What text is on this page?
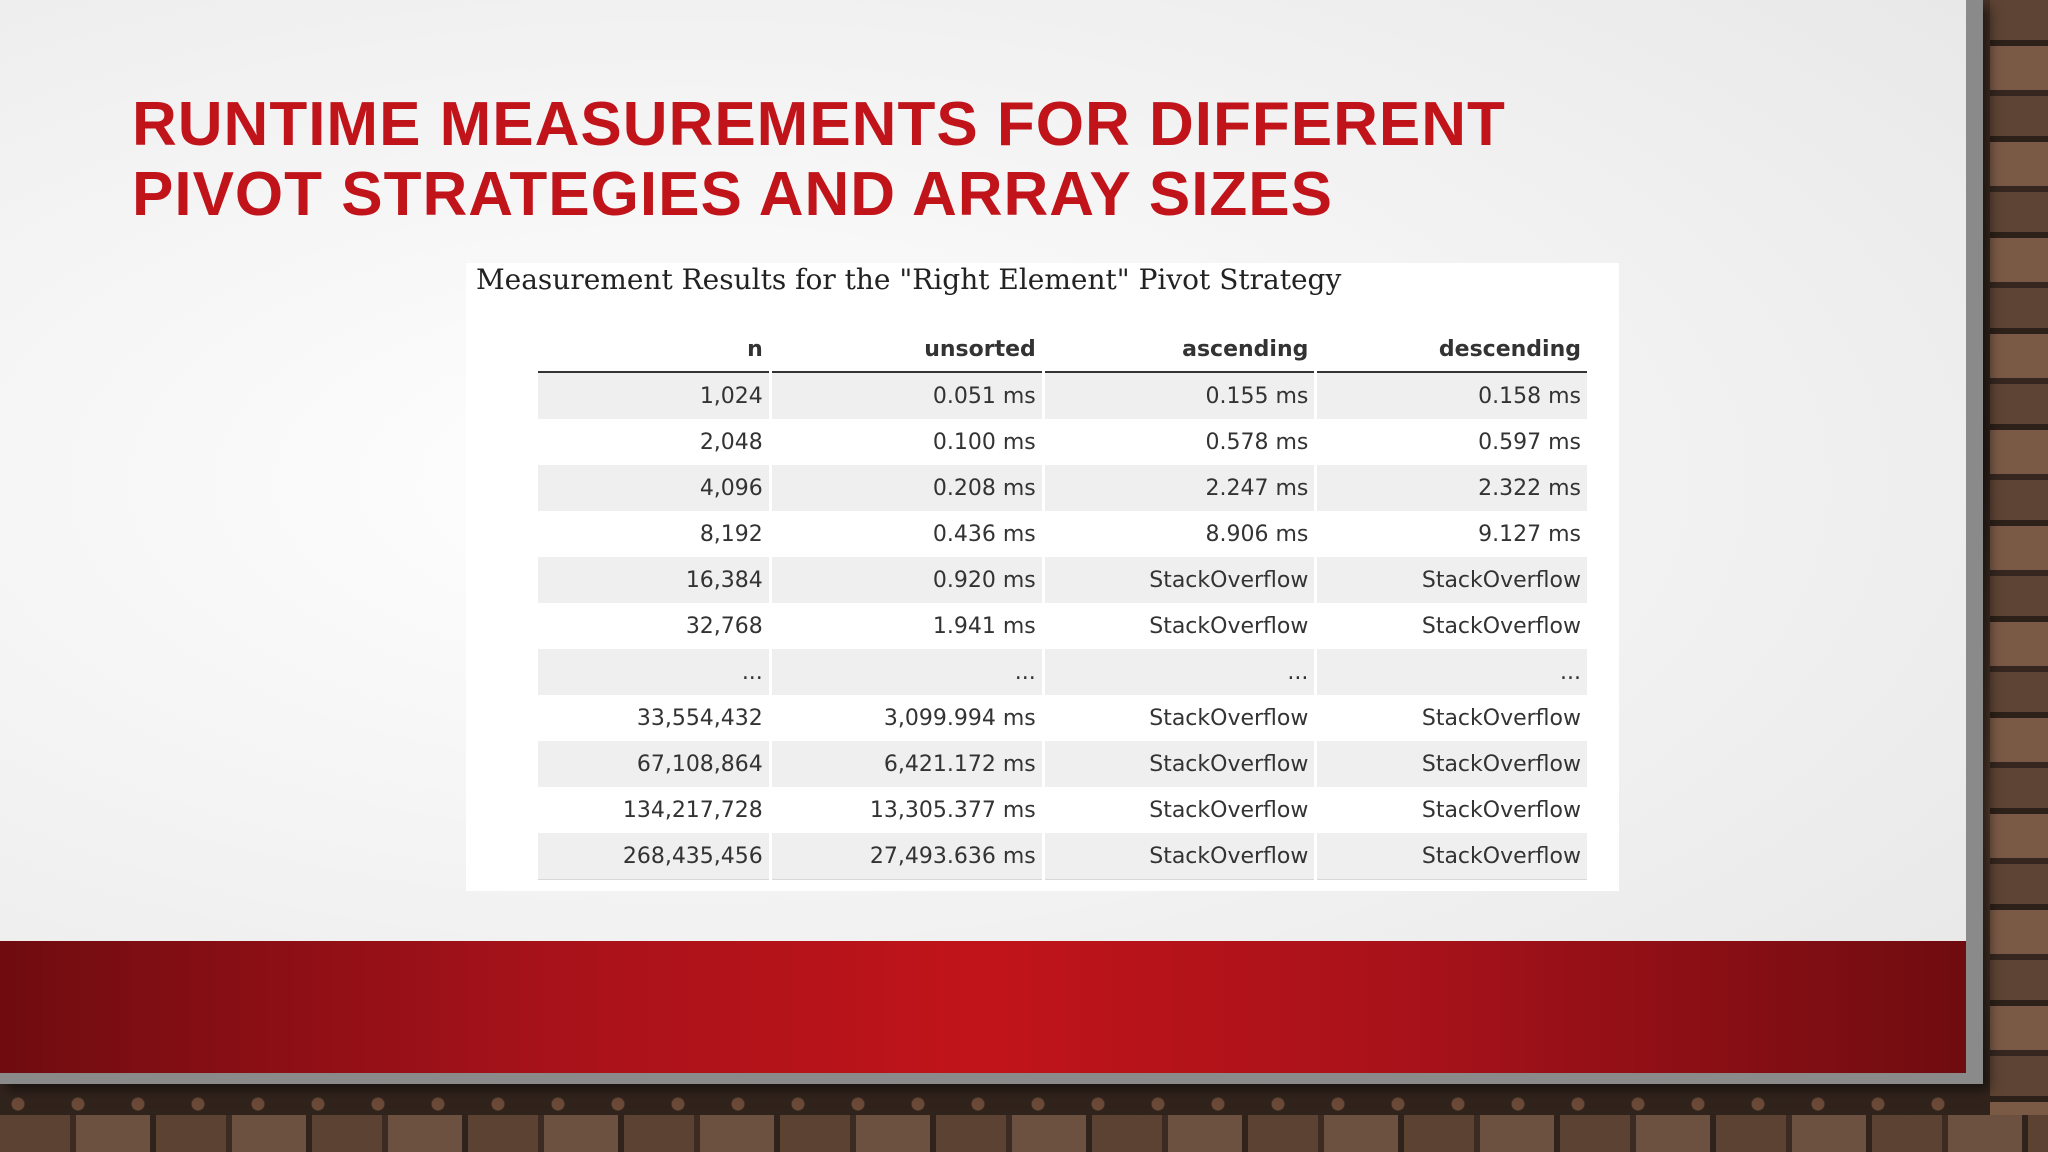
RUNTIME MEASUREMENTS FOR DIFFERENT
PIVOT STRATEGIES AND ARRAY SIZES

Measurement Results for the "Right Element" Pivot Strategy

n	unsorted	ascending	descending
1,024	0.051 ms	0.155 ms	0.158 ms
2,048	0.100 ms	0.578 ms	0.597 ms
4,096	0.208 ms	2.247 ms	2.322 ms
8,192	0.436 ms	8.906 ms	9.127 ms
16,384	0.920 ms	StackOverflow	StackOverflow
32,768	1.941 ms	StackOverflow	StackOverflow
...	...	...	...
33,554,432	3,099.994 ms	StackOverflow	StackOverflow
67,108,864	6,421.172 ms	StackOverflow	StackOverflow
134,217,728	13,305.377 ms	StackOverflow	StackOverflow
268,435,456	27,493.636 ms	StackOverflow	StackOverflow
